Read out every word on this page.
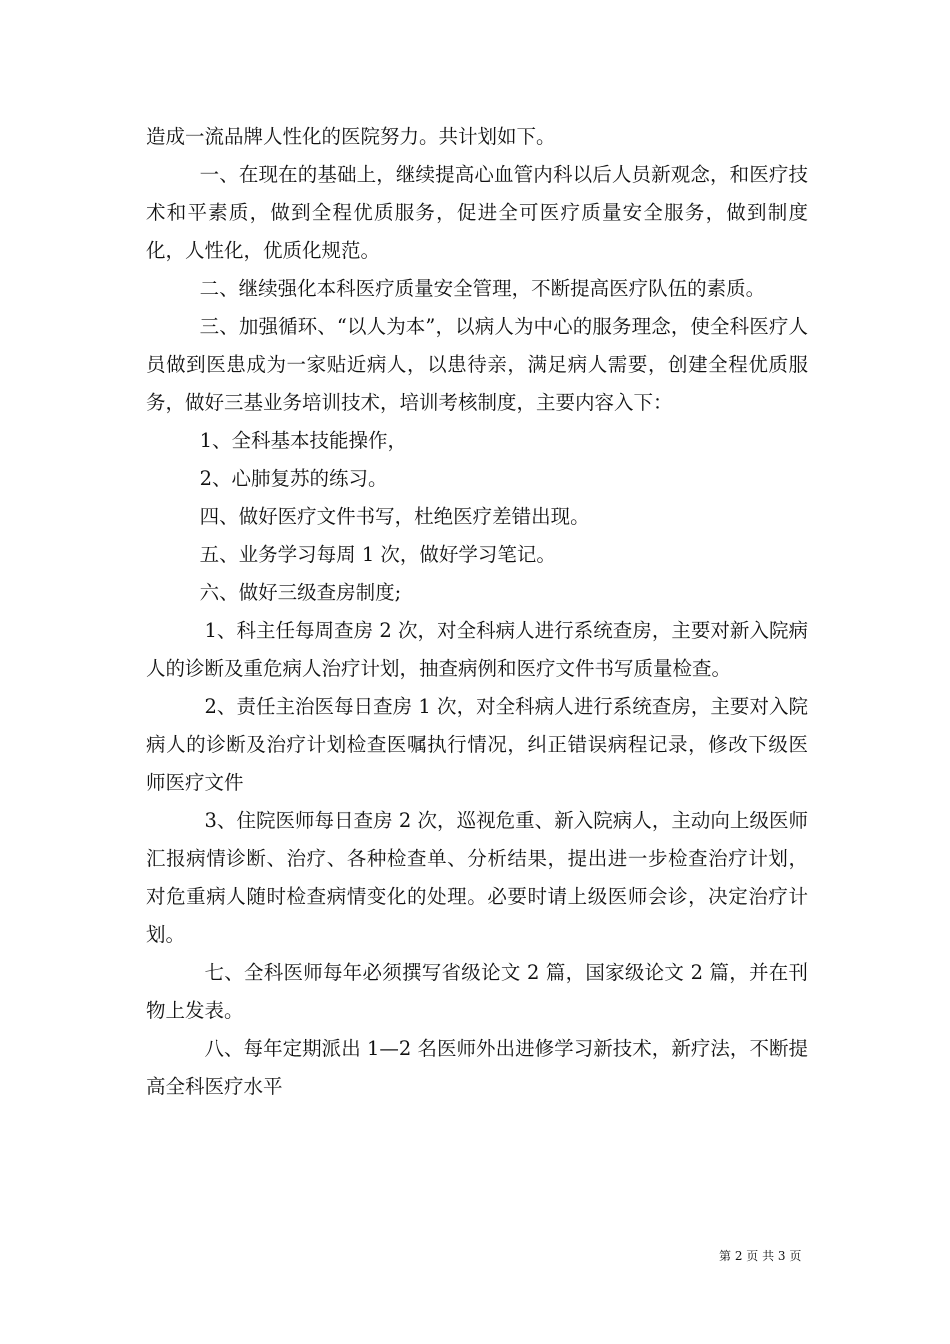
造成一流品牌人性化的医院努力。共计划如下。

一、在现在的基础上，继续提高心血管内科以后人员新观念，和医疗技术和平素质，做到全程优质服务，促进全可医疗质量安全服务，做到制度化，人性化，优质化规范。

二、继续强化本科医疗质量安全管理，不断提高医疗队伍的素质。

三、加强循环、“以人为本”，以病人为中心的服务理念，使全科医疗人员做到医患成为一家贴近病人，以患待亲，满足病人需要，创建全程优质服务，做好三基业务培训技术，培训考核制度，主要内容入下：

1、全科基本技能操作，

2、心肺复苏的练习。

四、做好医疗文件书写，杜绝医疗差错出现。

五、业务学习每周 1 次，做好学习笔记。

六、做好三级查房制度;

1、科主任每周查房 2 次，对全科病人进行系统查房，主要对新入院病人的诊断及重危病人治疗计划，抽查病例和医疗文件书写质量检查。

2、责任主治医每日查房 1 次，对全科病人进行系统查房，主要对入院病人的诊断及治疗计划检查医嘱执行情况，纠正错误病程记录，修改下级医师医疗文件

3、住院医师每日查房 2 次，巡视危重、新入院病人，主动向上级医师汇报病情诊断、治疗、各种检查单、分析结果，提出进一步检查治疗计划，对危重病人随时检查病情变化的处理。必要时请上级医师会诊，决定治疗计划。

七、全科医师每年必须撰写省级论文 2 篇，国家级论文 2 篇，并在刊物上发表。

八、每年定期派出 1—2 名医师外出进修学习新技术，新疗法，不断提高全科医疗水平

第 2 页 共 3 页
